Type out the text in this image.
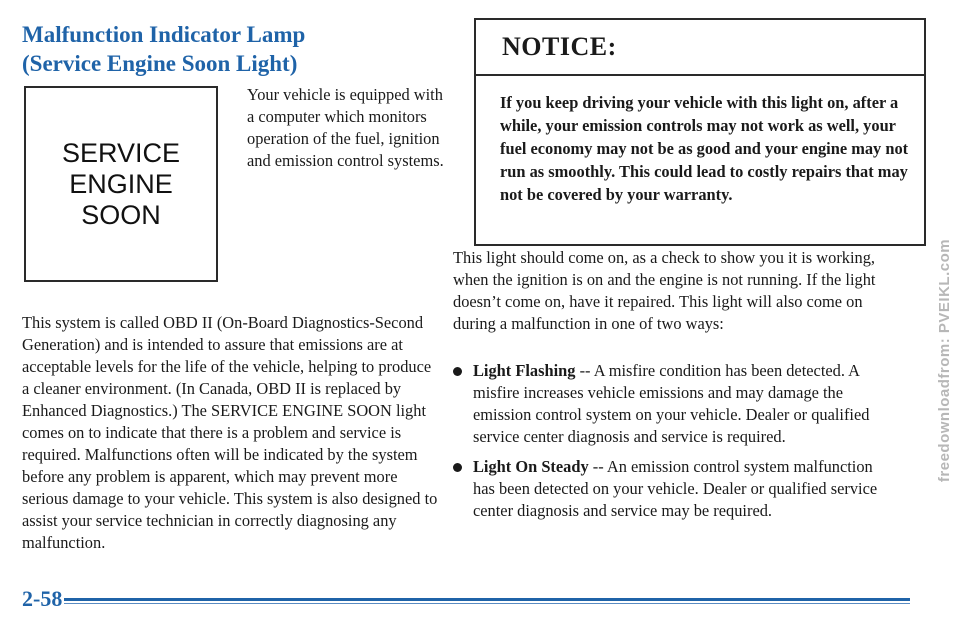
Malfunction Indicator Lamp
(Service Engine Soon Light)
SERVICE
ENGINE
SOON

Your vehicle is equipped with a computer which monitors operation of the fuel, ignition and emission control systems.

This system is called OBD II (On-Board Diagnostics-Second Generation) and is intended to assure that emissions are at acceptable levels for the life of the vehicle, helping to produce a cleaner environment. (In Canada, OBD II is replaced by Enhanced Diagnostics.) The SERVICE ENGINE SOON light comes on to indicate that there is a problem and service is required. Malfunctions often will be indicated by the system before any problem is apparent, which may prevent more serious damage to your vehicle. This system is also designed to assist your service technician in correctly diagnosing any malfunction.

NOTICE:

If you keep driving your vehicle with this light on, after a while, your emission controls may not work as well, your fuel economy may not be as good and your engine may not run as smoothly. This could lead to costly repairs that may not be covered by your warranty.

This light should come on, as a check to show you it is working, when the ignition is on and the engine is not running. If the light doesn’t come on, have it repaired. This light will also come on during a malfunction in one of two ways:

Light Flashing -- A misfire condition has been detected. A misfire increases vehicle emissions and may damage the emission control system on your vehicle. Dealer or qualified service center diagnosis and service is required.
Light On Steady -- An emission control system malfunction has been detected on your vehicle. Dealer or qualified service center diagnosis and service may be required.
2-58
freedownloadfrom: PVEIKL.com
